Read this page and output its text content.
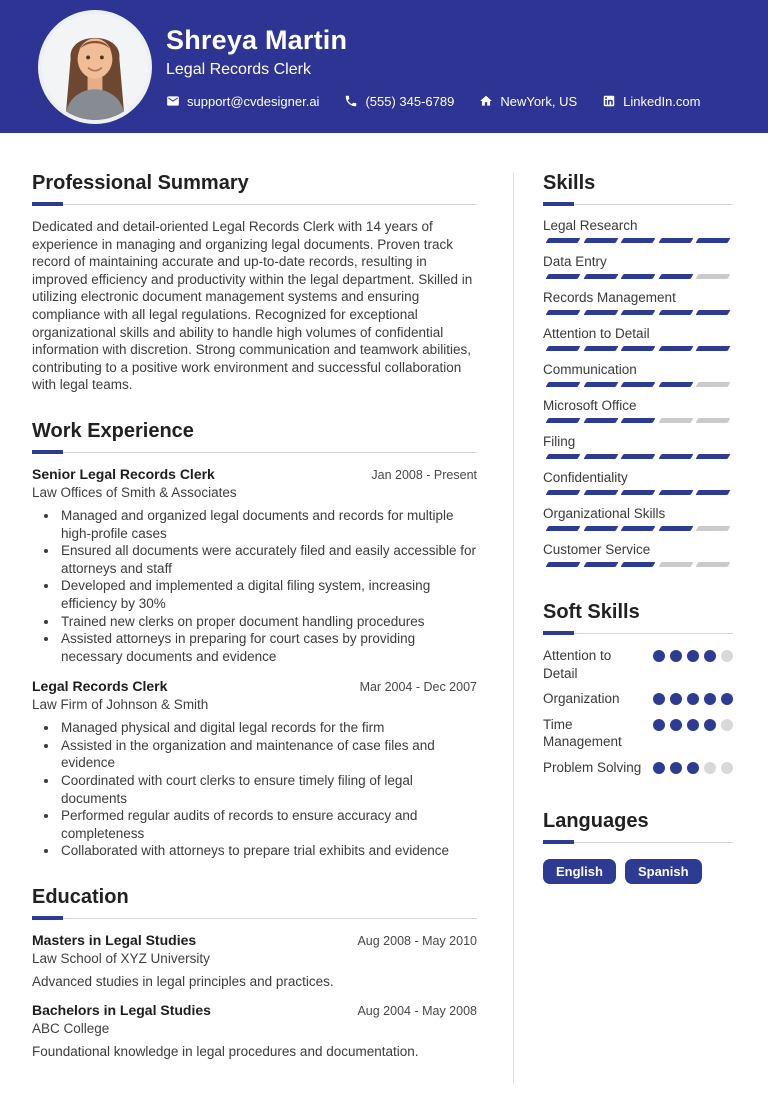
Shreya Martin
Legal Records Clerk
support@cvdesigner.ai	(555) 345-6789	NewYork, US	LinkedIn.com
Professional Summary

Dedicated and detail-oriented Legal Records Clerk with 14 years of experience in managing and organizing legal documents. Proven track record of maintaining accurate and up-to-date records, resulting in improved efficiency and productivity within the legal department. Skilled in utilizing electronic document management systems and ensuring compliance with all legal regulations. Recognized for exceptional organizational skills and ability to handle high volumes of confidential information with discretion. Strong communication and teamwork abilities, contributing to a positive work environment and successful collaboration with legal teams.

Work Experience
Senior Legal Records Clerk	Jan 2008 - Present
Law Offices of Smith & Associates
• Managed and organized legal documents and records for multiple high-profile cases
• Ensured all documents were accurately filed and easily accessible for attorneys and staff
• Developed and implemented a digital filing system, increasing efficiency by 30%
• Trained new clerks on proper document handling procedures
• Assisted attorneys in preparing for court cases by providing necessary documents and evidence
Legal Records Clerk	Mar 2004 - Dec 2007
Law Firm of Johnson & Smith
• Managed physical and digital legal records for the firm
• Assisted in the organization and maintenance of case files and evidence
• Coordinated with court clerks to ensure timely filing of legal documents
• Performed regular audits of records to ensure accuracy and completeness
• Collaborated with attorneys to prepare trial exhibits and evidence
Education
Masters in Legal Studies	Aug 2008 - May 2010
Law School of XYZ University
Advanced studies in legal principles and practices.
Bachelors in Legal Studies	Aug 2004 - May 2008
ABC College
Foundational knowledge in legal procedures and documentation.
Skills
Legal Research
Data Entry
Records Management
Attention to Detail
Communication
Microsoft Office
Filing
Confidentiality
Organizational Skills
Customer Service
Soft Skills
Attention to Detail
Organization
Time Management
Problem Solving
Languages
English	Spanish
